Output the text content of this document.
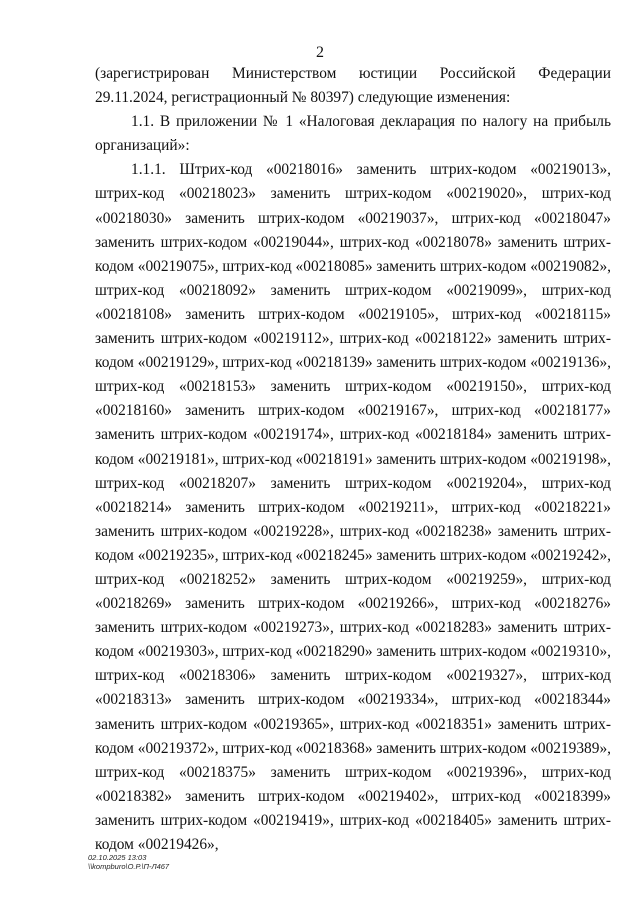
2

(зарегистрирован Министерством юстиции Российской Федерации 29.11.2024, регистрационный № 80397) следующие изменения:

1.1. В приложении № 1 «Налоговая декларация по налогу на прибыль организаций»:

1.1.1. Штрих-код «00218016» заменить штрих-кодом «00219013», штрих-код «00218023» заменить штрих-кодом «00219020», штрих-код «00218030» заменить штрих-кодом «00219037», штрих-код «00218047» заменить штрих-кодом «00219044», штрих-код «00218078» заменить штрих-кодом «00219075», штрих-код «00218085» заменить штрих-кодом «00219082», штрих-код «00218092» заменить штрих-кодом «00219099», штрих-код «00218108» заменить штрих-кодом «00219105», штрих-код «00218115» заменить штрих-кодом «00219112», штрих-код «00218122» заменить штрих-кодом «00219129», штрих-код «00218139» заменить штрих-кодом «00219136», штрих-код «00218153» заменить штрих-кодом «00219150», штрих-код «00218160» заменить штрих-кодом «00219167», штрих-код «00218177» заменить штрих-кодом «00219174», штрих-код «00218184» заменить штрих-кодом «00219181», штрих-код «00218191» заменить штрих-кодом «00219198», штрих-код «00218207» заменить штрих-кодом «00219204», штрих-код «00218214» заменить штрих-кодом «00219211», штрих-код «00218221» заменить штрих-кодом «00219228», штрих-код «00218238» заменить штрих-кодом «00219235», штрих-код «00218245» заменить штрих-кодом «00219242», штрих-код «00218252» заменить штрих-кодом «00219259», штрих-код «00218269» заменить штрих-кодом «00219266», штрих-код «00218276» заменить штрих-кодом «00219273», штрих-код «00218283» заменить штрих-кодом «00219303», штрих-код «00218290» заменить штрих-кодом «00219310», штрих-код «00218306» заменить штрих-кодом «00219327», штрих-код «00218313» заменить штрих-кодом «00219334», штрих-код «00218344» заменить штрих-кодом «00219365», штрих-код «00218351» заменить штрих-кодом «00219372», штрих-код «00218368» заменить штрих-кодом «00219389», штрих-код «00218375» заменить штрих-кодом «00219396», штрих-код «00218382» заменить штрих-кодом «00219402», штрих-код «00218399» заменить штрих-кодом «00219419», штрих-код «00218405» заменить штрих-кодом «00219426»,

02.10.2025 13:03
\\kompburo\О.Р.\П-Л467
